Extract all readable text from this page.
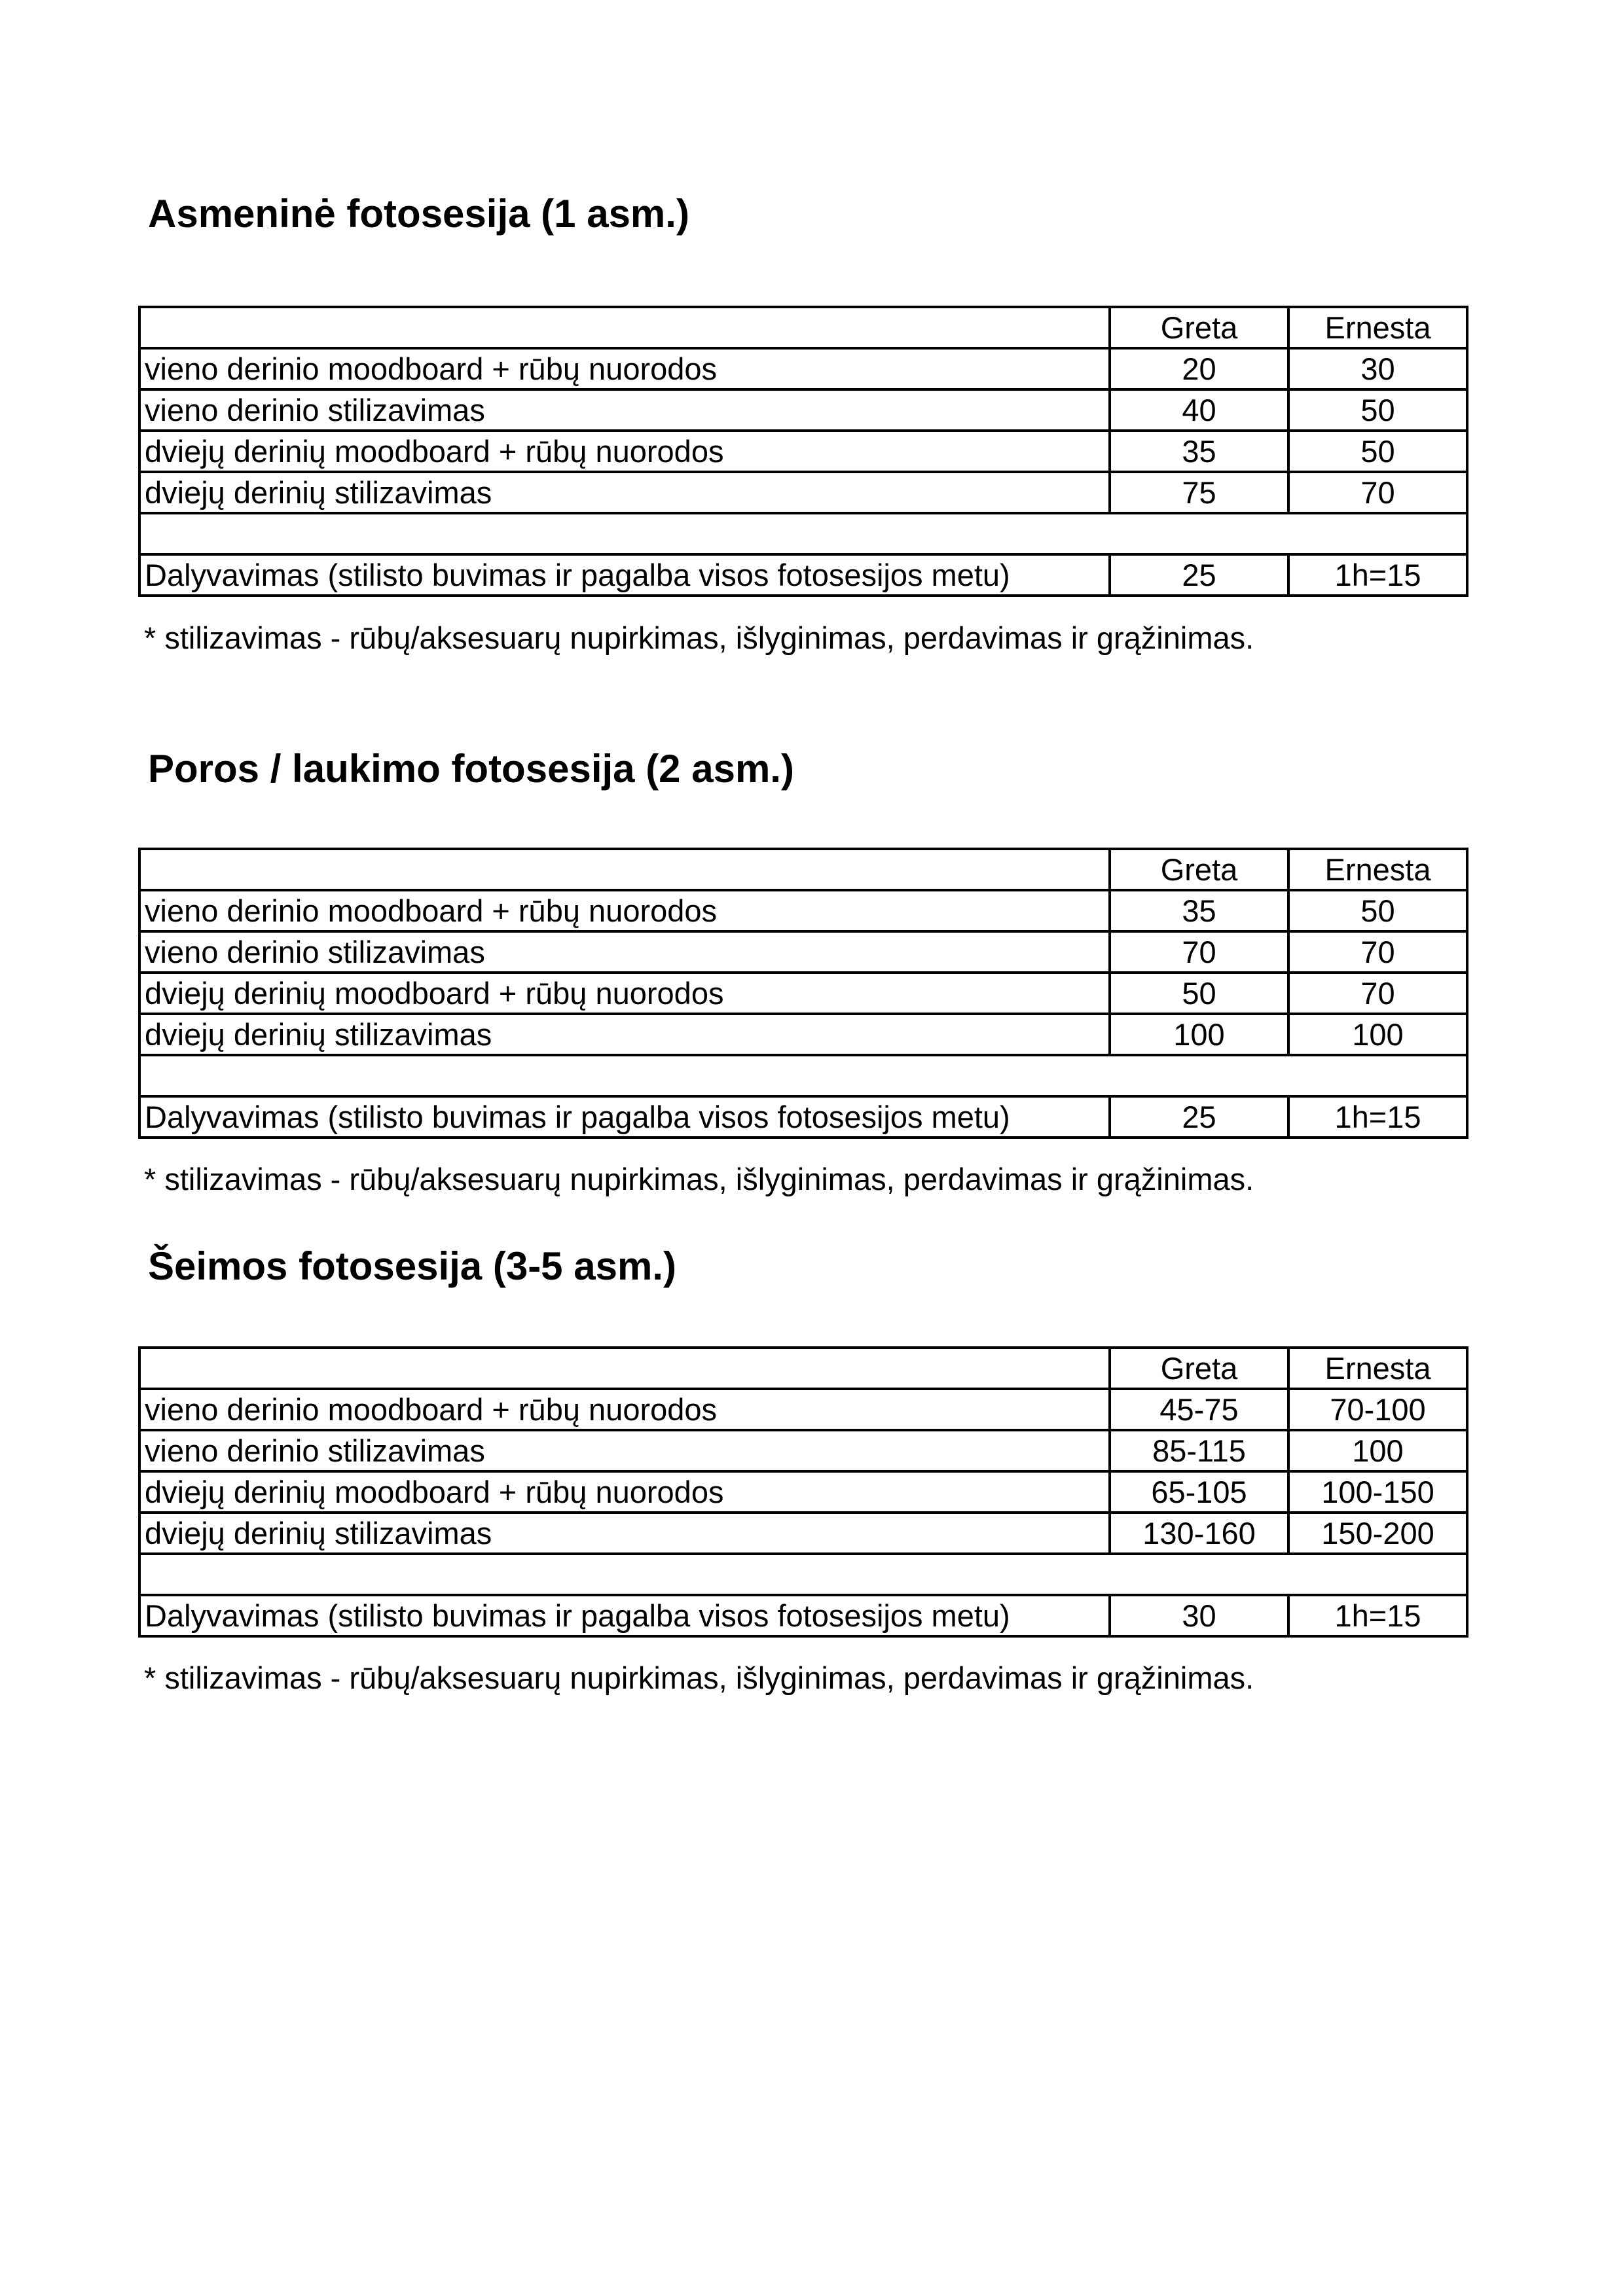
Asmeninė fotosesija (1 asm.)
	Greta	Ernesta
vieno derinio moodboard + rūbų nuorodos	20	30
vieno derinio stilizavimas	40	50
dviejų derinių moodboard + rūbų nuorodos	35	50
dviejų derinių stilizavimas	75	70

Dalyvavimas (stilisto buvimas ir pagalba visos fotosesijos metu)	25	1h=15

* stilizavimas - rūbų/aksesuarų nupirkimas, išlyginimas, perdavimas ir grąžinimas.

Poros / laukimo fotosesija (2 asm.)
	Greta	Ernesta
vieno derinio moodboard + rūbų nuorodos	35	50
vieno derinio stilizavimas	70	70
dviejų derinių moodboard + rūbų nuorodos	50	70
dviejų derinių stilizavimas	100	100

Dalyvavimas (stilisto buvimas ir pagalba visos fotosesijos metu)	25	1h=15

* stilizavimas - rūbų/aksesuarų nupirkimas, išlyginimas, perdavimas ir grąžinimas.

Šeimos fotosesija (3-5 asm.)
	Greta	Ernesta
vieno derinio moodboard + rūbų nuorodos	45-75	70-100
vieno derinio stilizavimas	85-115	100
dviejų derinių moodboard + rūbų nuorodos	65-105	100-150
dviejų derinių stilizavimas	130-160	150-200

Dalyvavimas (stilisto buvimas ir pagalba visos fotosesijos metu)	30	1h=15

* stilizavimas - rūbų/aksesuarų nupirkimas, išlyginimas, perdavimas ir grąžinimas.
